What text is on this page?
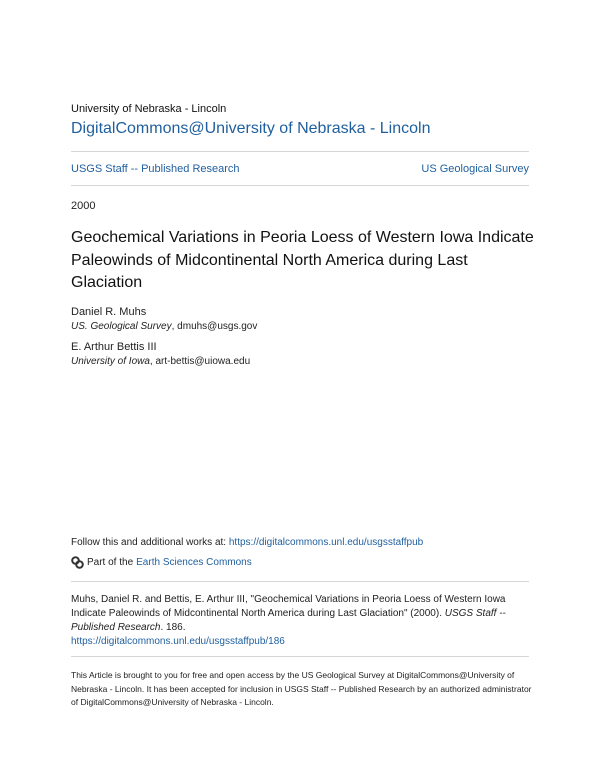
University of Nebraska - Lincoln
DigitalCommons@University of Nebraska - Lincoln
USGS Staff -- Published Research	US Geological Survey
2000
Geochemical Variations in Peoria Loess of Western Iowa Indicate Paleowinds of Midcontinental North America during Last Glaciation
Daniel R. Muhs
US. Geological Survey, dmuhs@usgs.gov
E. Arthur Bettis III
University of Iowa, art-bettis@uiowa.edu
Follow this and additional works at: https://digitalcommons.unl.edu/usgsstaffpub
Part of the Earth Sciences Commons
Muhs, Daniel R. and Bettis, E. Arthur III, "Geochemical Variations in Peoria Loess of Western Iowa Indicate Paleowinds of Midcontinental North America during Last Glaciation" (2000). USGS Staff -- Published Research. 186.
https://digitalcommons.unl.edu/usgsstaffpub/186
This Article is brought to you for free and open access by the US Geological Survey at DigitalCommons@University of Nebraska - Lincoln. It has been accepted for inclusion in USGS Staff -- Published Research by an authorized administrator of DigitalCommons@University of Nebraska - Lincoln.
